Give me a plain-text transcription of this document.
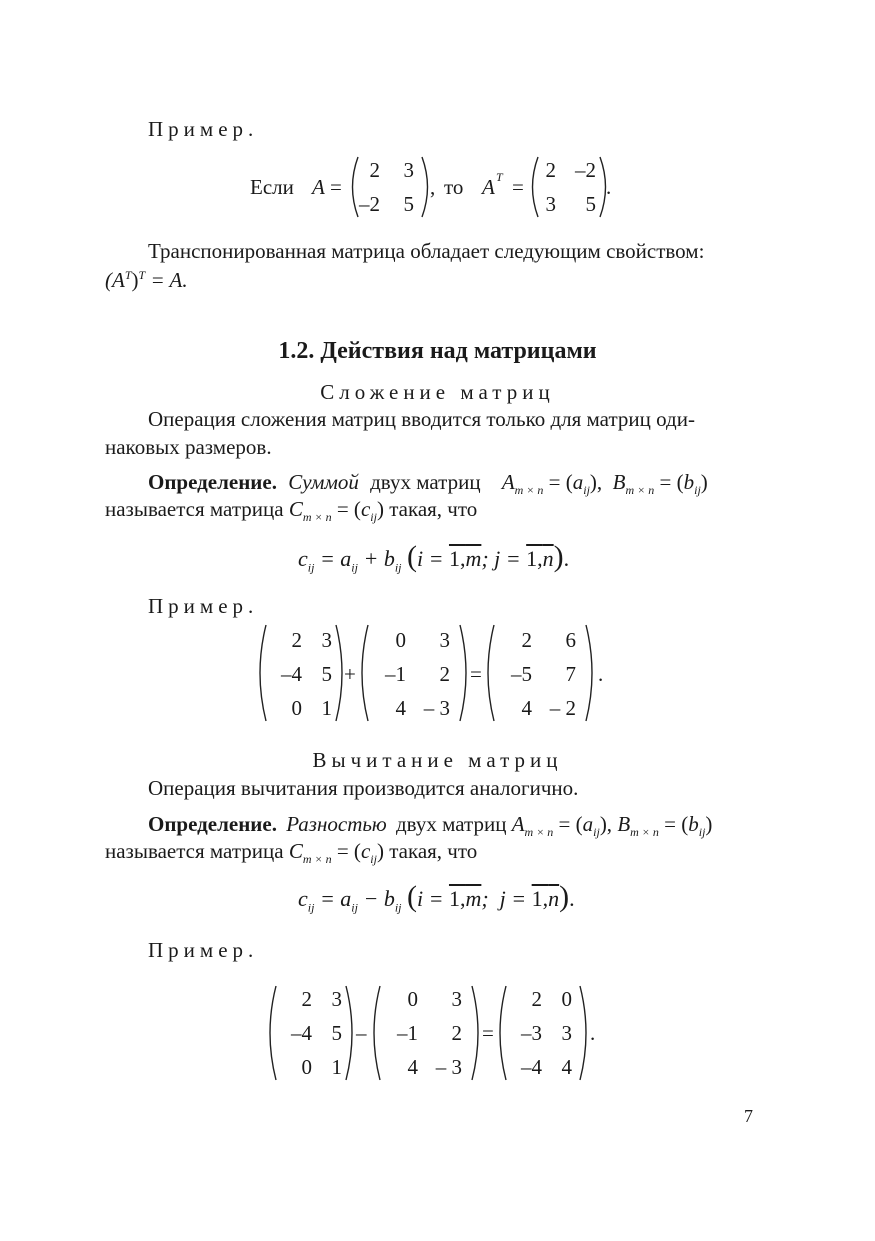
Пример.
Если A =
2 3
–2 5
, то A T =
2 –2
3 5
.
Транспонированная матрица обладает следующим свойством:
$(A^T)^T = A$.
1.2. Действия над матрицами
Сложение матриц
Операция сложения матриц вводится только для матриц оди-
наковых размеров.
Определение. Суммой двух матриц $A_{m \times n} = (a_{ij})$,  $B_{m \times n} = (b_{ij})$
называется матрица $C_{m \times n} = (c_{ij})$ такая, что
$c_{ij} = a_{ij} + b_{ij}$ ($i = 1,\overline{m}$; $j = 1,\overline{n}$).
Пример.
2 3
–4 5
0 1
+
0 3
–1 2
4 – 3
=
2 6
–5 7
4 – 2
.
Вычитание матриц
Операция вычитания производится аналогично.
Определение. Разностью двух матриц $A_{m \times n} = (a_{ij})$, $B_{m \times n} = (b_{ij})$
называется матрица $C_{m \times n} = (c_{ij})$ такая, что
$c_{ij} = a_{ij} - b_{ij}$ ($i = 1,\overline{m}$;  $j = 1,\overline{n}$).
Пример.
2 3
–4 5
0 1
–
0 3
–1 2
4 – 3
=
2 0
–3 3
–4 4
.
7
